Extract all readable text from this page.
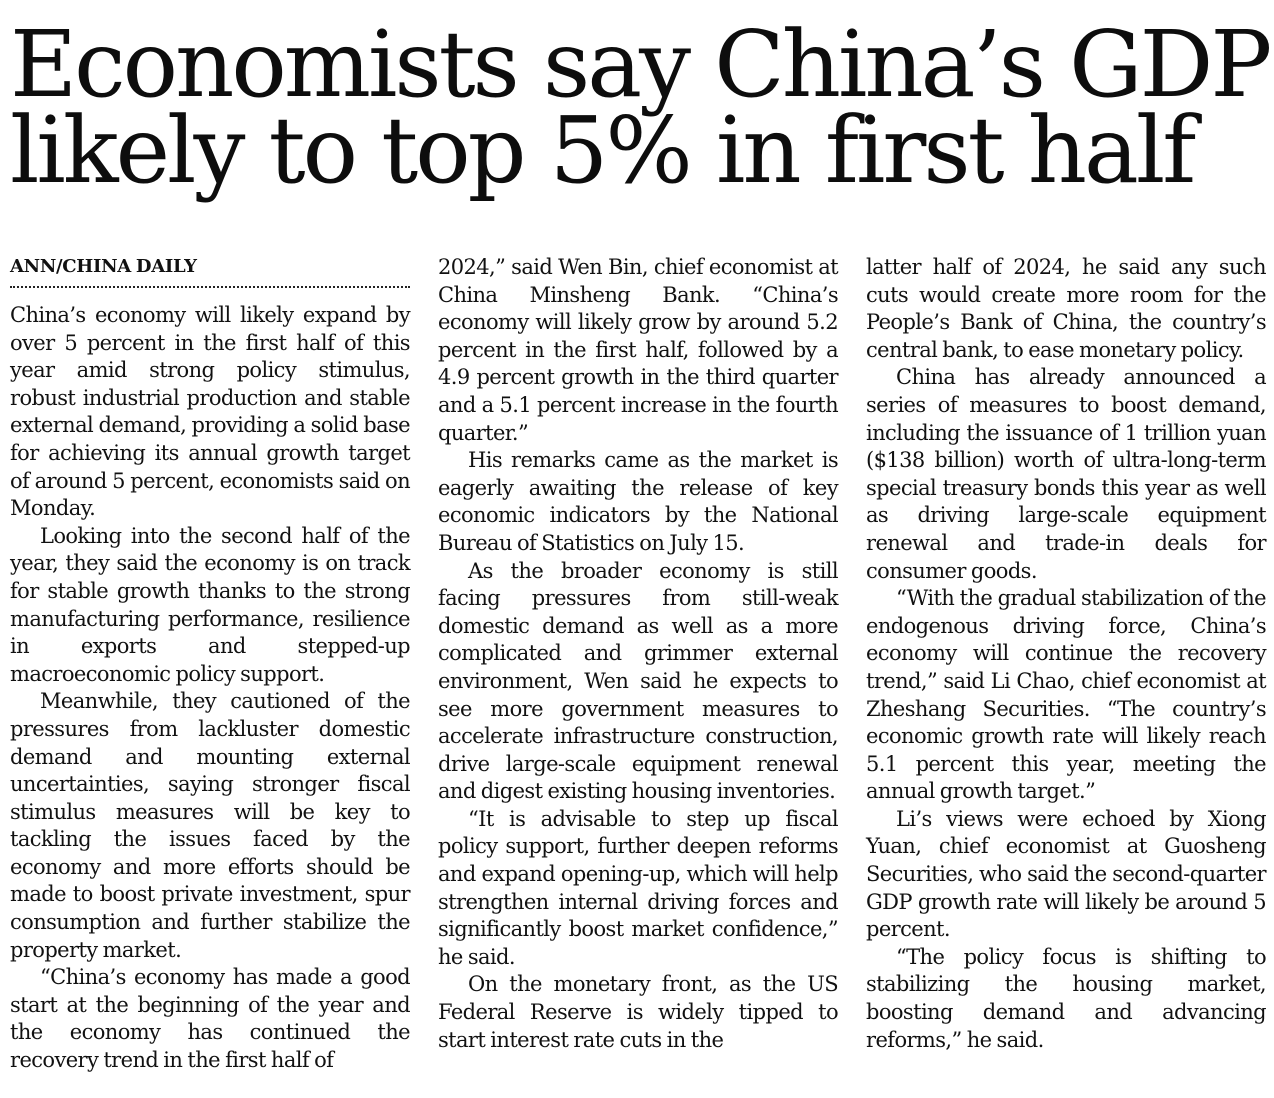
Economists say China’s GDP
likely to top 5% in first half
ANN/CHINA DAILY

China’s economy will likely expand by over 5 percent in the first half of this year amid strong policy stimulus, robust industrial production and stable external demand, providing a solid base for achieving its annual growth target of around 5 percent, economists said on Monday.

Looking into the second half of the year, they said the economy is on track for stable growth thanks to the strong manufacturing performance, resilience in exports and stepped-up macroeconomic policy support.

Meanwhile, they cautioned of the pressures from lackluster domestic demand and mounting external uncertainties, saying stronger fiscal stimulus measures will be key to tackling the issues faced by the economy and more efforts should be made to boost private investment, spur consumption and further stabilize the property market.

“China’s economy has made a good start at the beginning of the year and the economy has continued the recovery trend in the first half of

2024,” said Wen Bin, chief economist at China Minsheng Bank. “China’s economy will likely grow by around 5.2 percent in the first half, followed by a 4.9 percent growth in the third quarter and a 5.1 percent increase in the fourth quarter.”

His remarks came as the market is eagerly awaiting the release of key economic indicators by the National Bureau of Statistics on July 15.

As the broader economy is still facing pressures from still-weak domestic demand as well as a more complicated and grimmer external environment, Wen said he expects to see more government measures to accelerate infrastructure construction, drive large-scale equipment renewal and digest existing housing inventories.

“It is advisable to step up fiscal policy support, further deepen reforms and expand opening-up, which will help strengthen internal driving forces and significantly boost market confidence,” he said.

On the monetary front, as the US Federal Reserve is widely tipped to start interest rate cuts in the

latter half of 2024, he said any such cuts would create more room for the People’s Bank of China, the country’s central bank, to ease monetary policy.

China has already announced a series of measures to boost demand, including the issuance of 1 trillion yuan ($138 billion) worth of ultra-long-term special treasury bonds this year as well as driving large-scale equipment renewal and trade-in deals for consumer goods.

“With the gradual stabilization of the endogenous driving force, China’s economy will continue the recovery trend,” said Li Chao, chief economist at Zheshang Securities. “The country’s economic growth rate will likely reach 5.1 percent this year, meeting the annual growth target.”

Li’s views were echoed by Xiong Yuan, chief economist at Guosheng Securities, who said the second-quarter GDP growth rate will likely be around 5 percent.

“The policy focus is shifting to stabilizing the housing market, boosting demand and advancing reforms,” he said.
